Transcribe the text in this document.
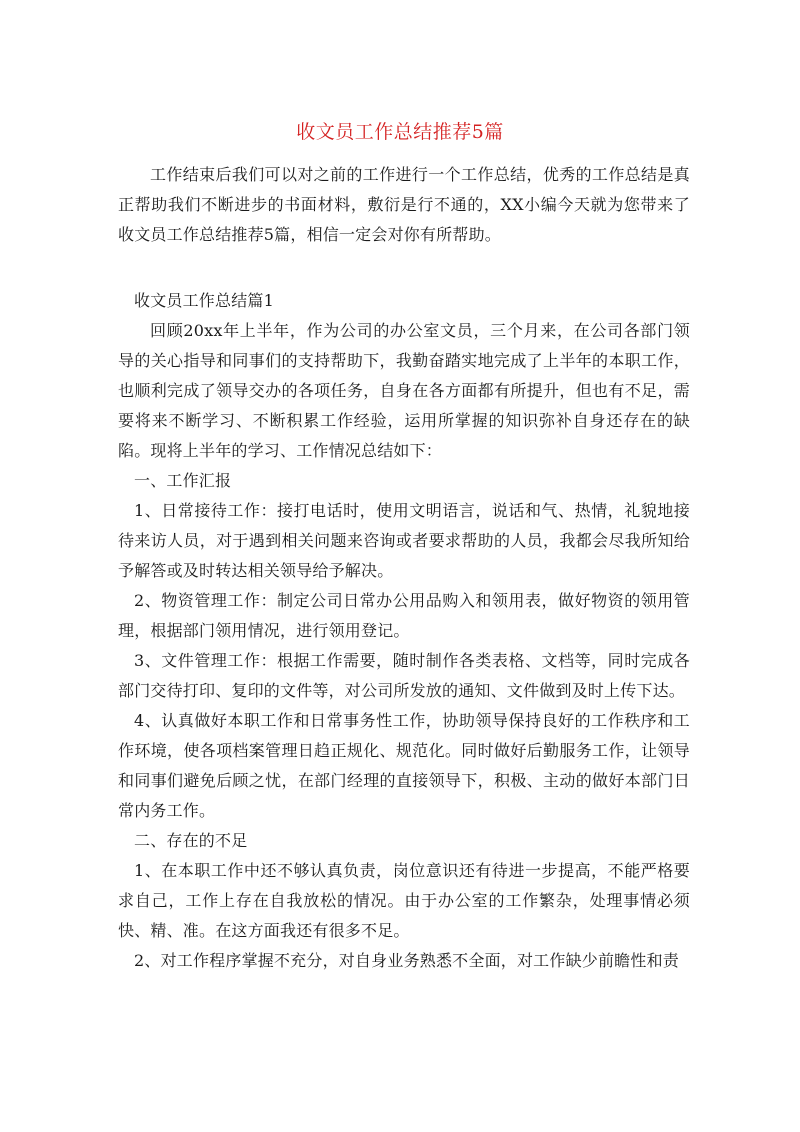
收文员工作总结推荐5篇

工作结束后我们可以对之前的工作进行一个工作总结，优秀的工作总结是真正帮助我们不断进步的书面材料，敷衍是行不通的，XX小编今天就为您带来了收文员工作总结推荐5篇，相信一定会对你有所帮助。

收文员工作总结篇1

回顾20xx年上半年，作为公司的办公室文员，三个月来，在公司各部门领导的关心指导和同事们的支持帮助下，我勤奋踏实地完成了上半年的本职工作，也顺利完成了领导交办的各项任务，自身在各方面都有所提升，但也有不足，需要将来不断学习、不断积累工作经验，运用所掌握的知识弥补自身还存在的缺陷。现将上半年的学习、工作情况总结如下：

一、工作汇报

1、日常接待工作：接打电话时，使用文明语言，说话和气、热情，礼貌地接待来访人员，对于遇到相关问题来咨询或者要求帮助的人员，我都会尽我所知给予解答或及时转达相关领导给予解决。

2、物资管理工作：制定公司日常办公用品购入和领用表，做好物资的领用管理，根据部门领用情况，进行领用登记。

3、文件管理工作：根据工作需要，随时制作各类表格、文档等，同时完成各部门交待打印、复印的文件等，对公司所发放的通知、文件做到及时上传下达。

4、认真做好本职工作和日常事务性工作，协助领导保持良好的工作秩序和工作环境，使各项档案管理日趋正规化、规范化。同时做好后勤服务工作，让领导和同事们避免后顾之忧，在部门经理的直接领导下，积极、主动的做好本部门日常内务工作。

二、存在的不足

1、在本职工作中还不够认真负责，岗位意识还有待进一步提高，不能严格要求自己，工作上存在自我放松的情况。由于办公室的工作繁杂，处理事情必须快、精、准。在这方面我还有很多不足。

2、对工作程序掌握不充分，对自身业务熟悉不全面，对工作缺少前瞻性和责
